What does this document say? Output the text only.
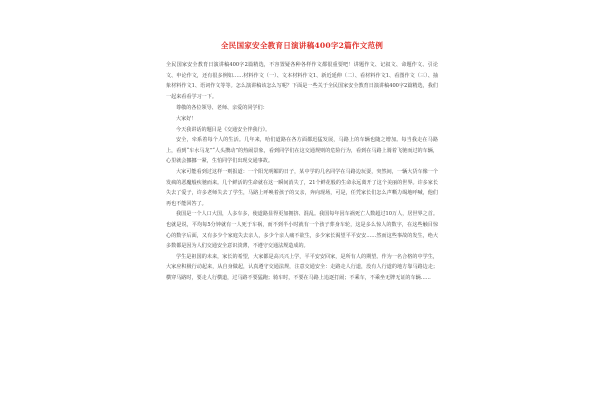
全民国家安全教育日演讲稿400字2篇作文范例

全民国家安全教育日演讲稿400字2篇精选，不容置疑各种各样作文都很重要吧！讲题作文、记叙文、命题作文、引论文、申论作文，还有很多例如……材料作文（一）、文本材料作文1、新近延伸（二）、看材料作文1、看图作文（三）、抽象材料作文1、语词作文等等。怎么演讲稿该怎么写呢？下面是一些关于全民国家安全教育日演讲稿400字2篇精选，我们一起来看看学习一下。

尊敬的各位领导、老师、亲爱的同学们：

大家好！

今天我讲话的题目是《交通安全伴我行》。

安全，牵系着每个人的生活。几年来，哈们道路在各方面都迅猛发展，马路上的车辆也随之增加。每当我走在马路上，看到“车水马龙”“人头攒动”的热闹景象，看到同学们在这交通规则的危险行为，看到在马路上骑着飞驰而过的车辆，心里就会挪挪一紧，生怕同学们出现交通事故。

大家可能看到过这样一则报道：一个阳光明媚的日子，某中学的几名同学在马路边玩耍，突然间，一辆大货车像一个发疯的恶魔般疾驰而来。几个鲜活的生命就在这一瞬间消失了，21个鲜花般的生命永远离开了这个美丽的世界。许多家长失去了爱子，许多老师失去了学生，马路上呼唤着孩子的父亲，奔向现场，可是，任凭家长们怎么声嘶力竭地呼喊，他们再也不能回答了。

我国是一个人口大国，人多车多，使道路显得更加拥挤、混乱。我国每年因车祸死亡人数超过10万人，居世界之首。也就是说，平均每5分钟就有一人死于车祸，而不到半小时就有一个孩子葬身车轮，这是多么惊人的数字，在这些触目惊心的数字后面，又有多少个家庭失去亲人，多少个亲人痛不欲生，多少家长渴望平平安安……然而这些事故的发生，绝大多数都是因为人们交通安全意识淡薄，不遵守交通法规造成的。

学生是祖国的未来，家长的希望，大家都是高兴兴上学，平平安安回家，是所有人的期望。作为一名合格的中学生，大家应积极行动起来，从自身做起，认真遵守交通法规，注意交通安全：走路走人行道，没有人行道的地方靠马路边走；横穿马路时，要走人行横道，过马路不要猛跑；骑车时，不要在马路上追逐打闹；不乘车，不乘坐无牌无证的车辆……
